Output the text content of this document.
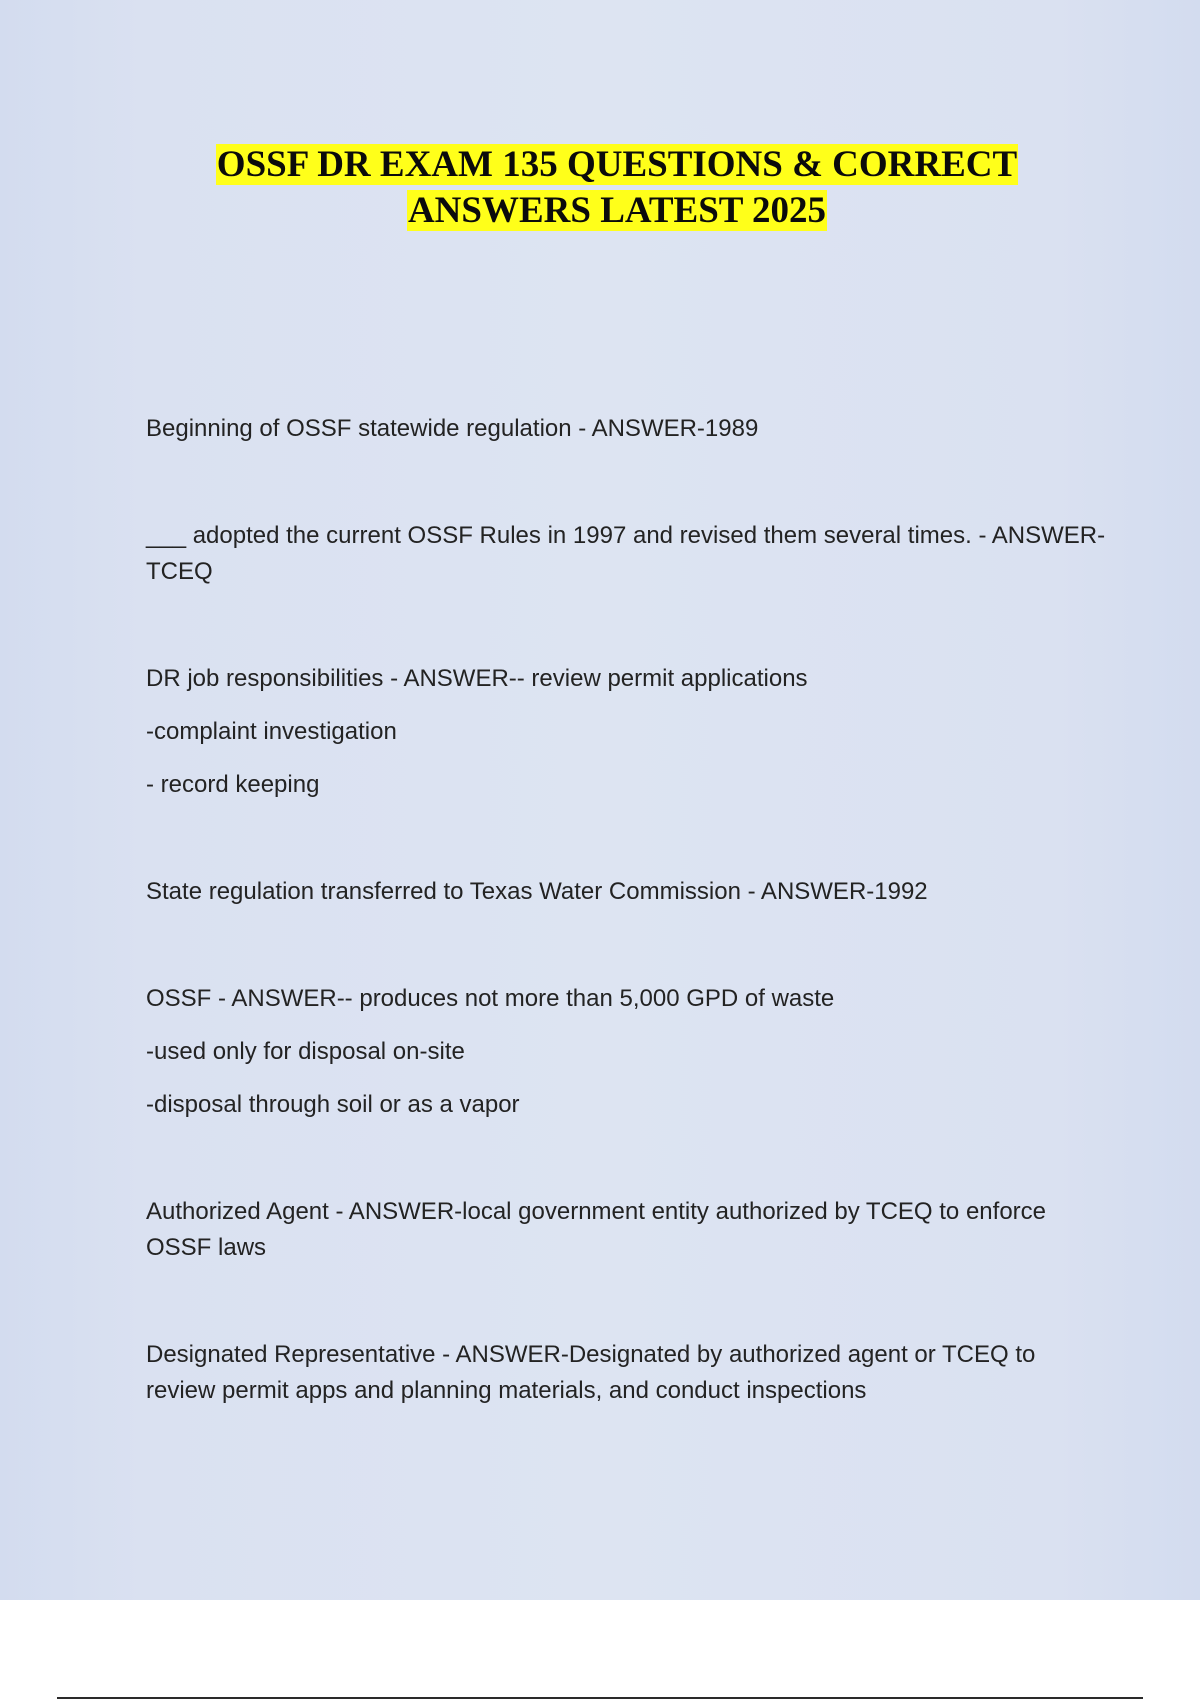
OSSF DR EXAM 135 QUESTIONS & CORRECT
ANSWERS LATEST 2025

Beginning of OSSF statewide regulation - ANSWER-1989

___ adopted the current OSSF Rules in 1997 and revised them several times. - ANSWER-TCEQ

DR job responsibilities - ANSWER-- review permit applications

-complaint investigation

- record keeping

State regulation transferred to Texas Water Commission - ANSWER-1992

OSSF - ANSWER-- produces not more than 5,000 GPD of waste

-used only for disposal on-site

-disposal through soil or as a vapor

Authorized Agent - ANSWER-local government entity authorized by TCEQ to enforce OSSF laws

Designated Representative - ANSWER-Designated by authorized agent or TCEQ to review permit apps and planning materials, and conduct inspections
